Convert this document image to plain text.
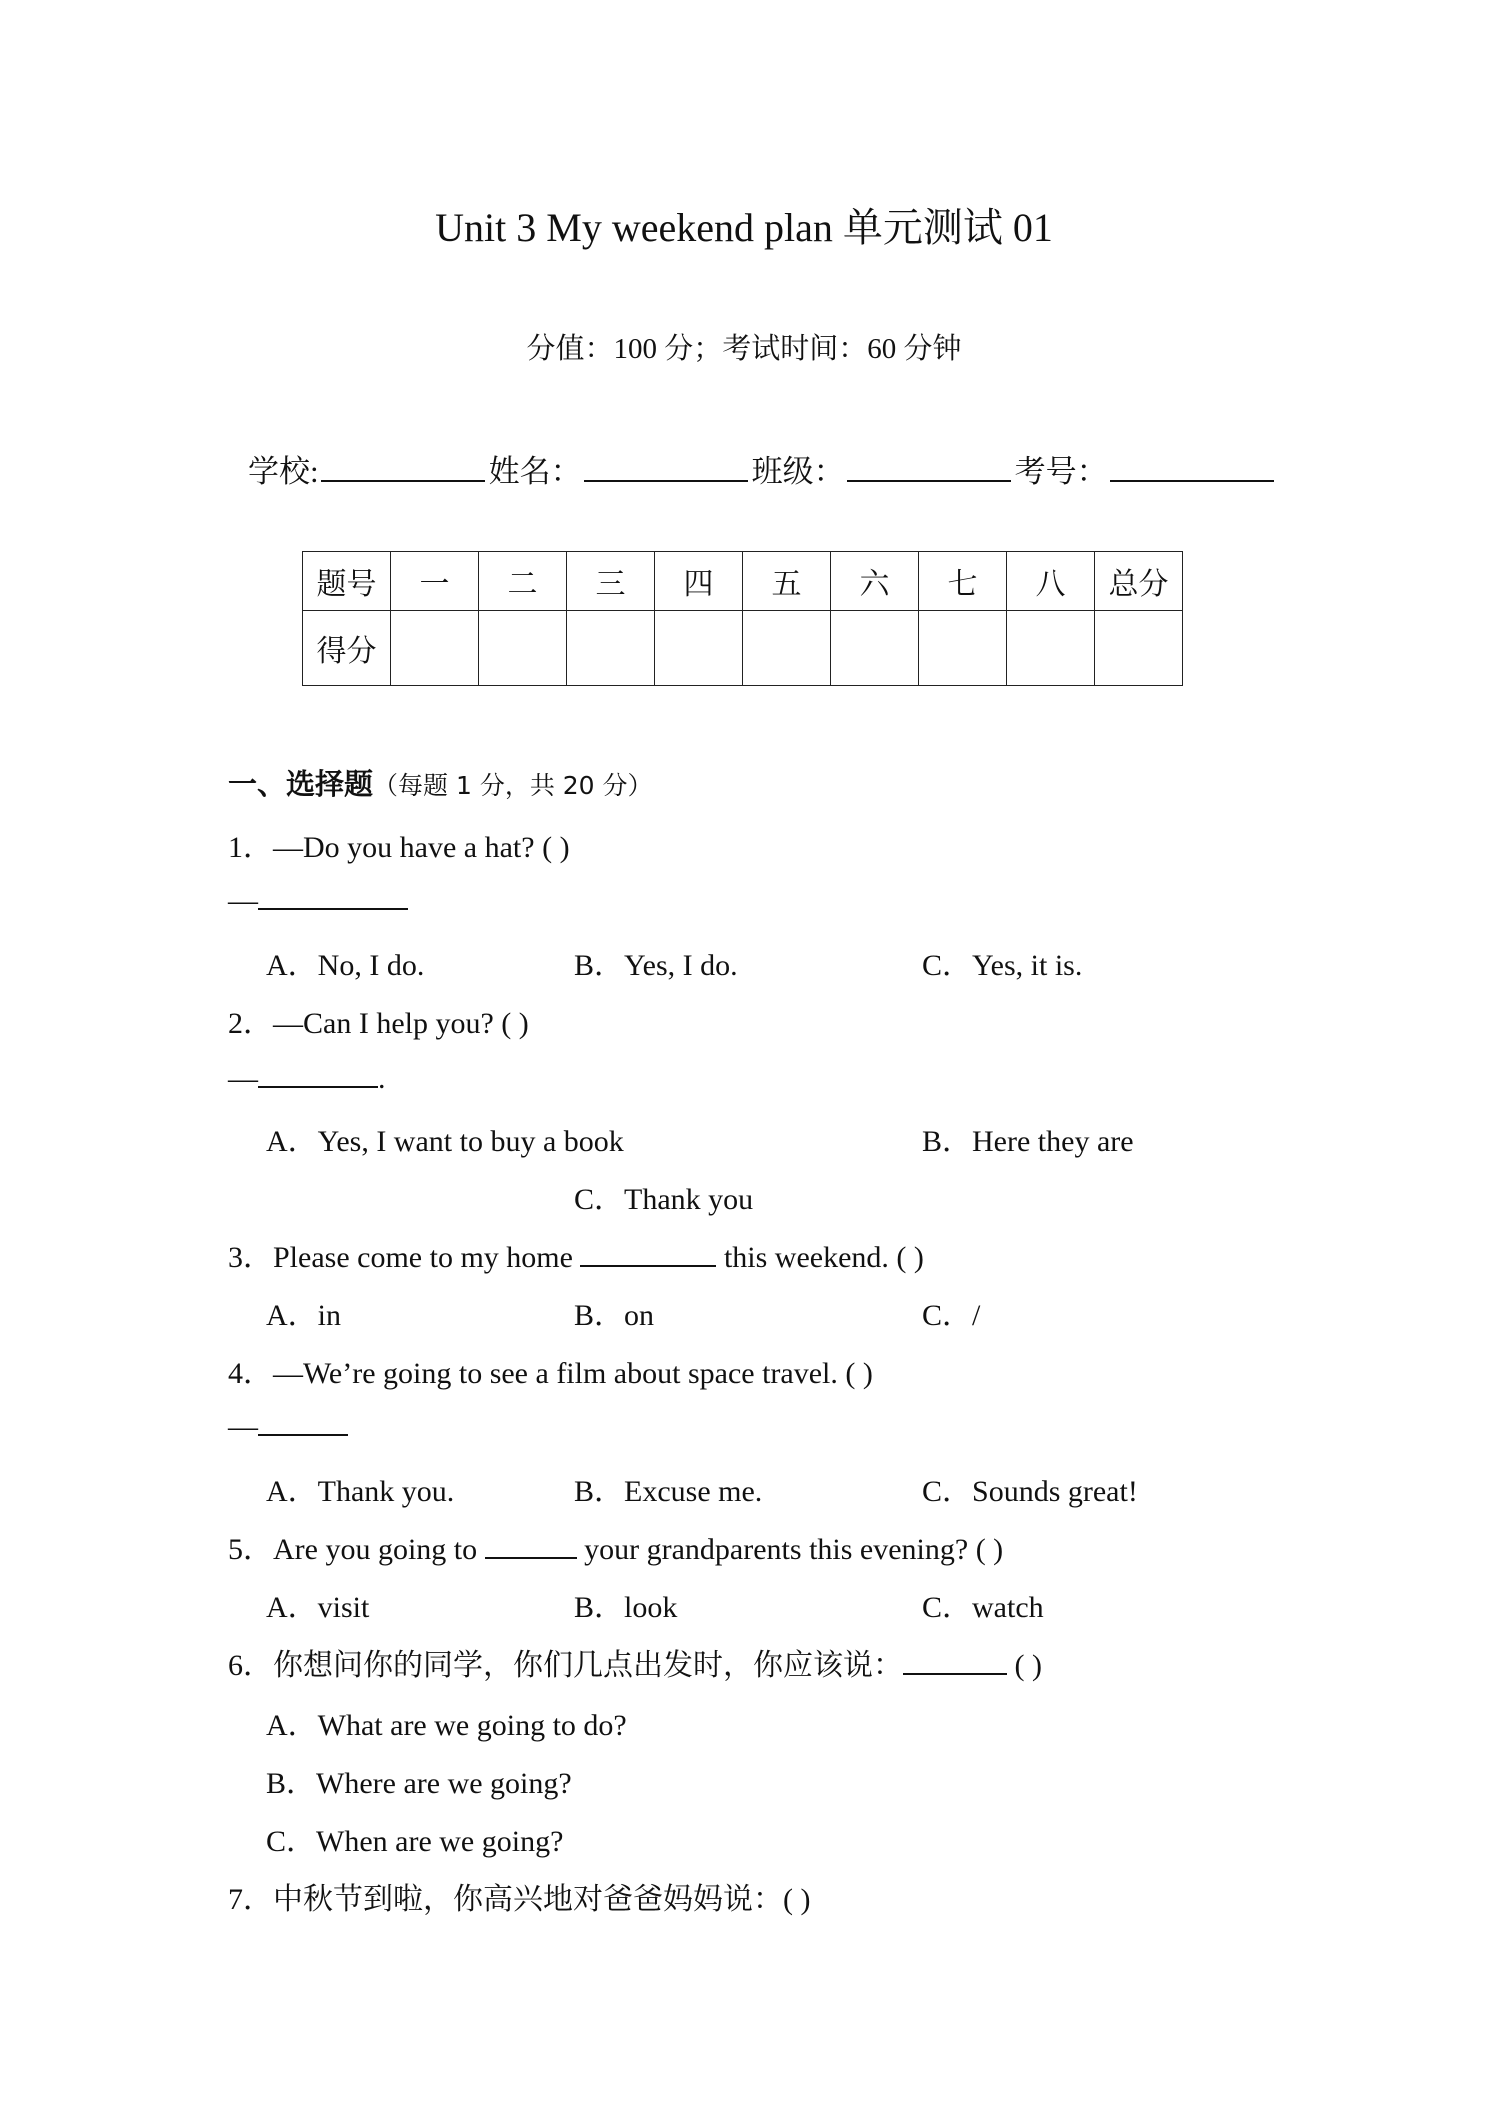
Unit 3 My weekend plan 单元测试 01
分值：100 分；考试时间：60 分钟
学校:	姓名：	班级：	考号：
题号	一	二	三	四	五	六	七	八	总分
得分									
一、选择题（每题 1 分，共 20 分）
1．—Do you have a hat? ( )
—
A．No, I do.	B．Yes, I do.	C．Yes, it is.
2．—Can I help you? ( )
—	.
A．Yes, I want to buy a book	B．Here they are
C．Thank you
3．Please come to my home	this weekend. ( )
A．in	B．on	C．/
4．—We’re going to see a film about space travel. ( )
—
A．Thank you.	B．Excuse me.	C．Sounds great!
5．Are you going to	your grandparents this evening? ( )
A．visit	B．look	C．watch
6．你想问你的同学，你们几点出发时，你应该说：	( )
A．What are we going to do?
B．Where are we going?
C．When are we going?
7．中秋节到啦，你高兴地对爸爸妈妈说：( )
